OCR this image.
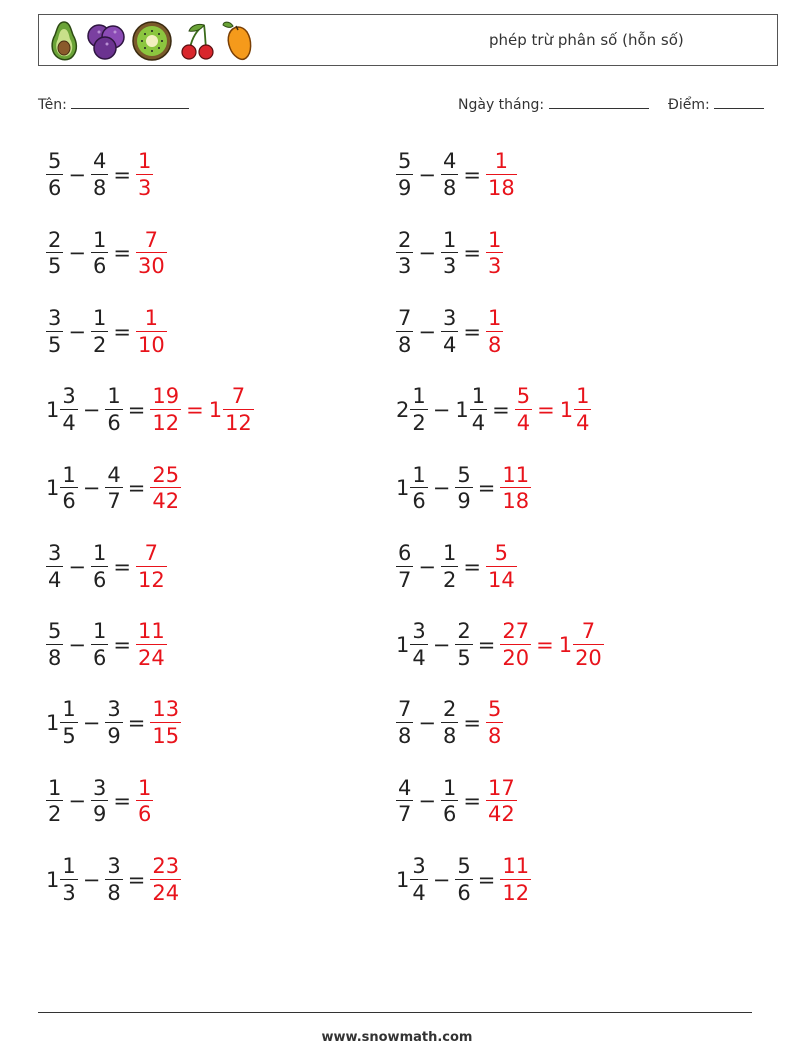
phép trừ phân số (hỗn số)
Tên:	Ngày tháng:	Điểm:
$\frac{5}{6} - \frac{4}{8} = \frac{1}{3}$	$\frac{5}{9} - \frac{4}{8} = \frac{1}{18}$
$\frac{2}{5} - \frac{1}{6} = \frac{7}{30}$	$\frac{2}{3} - \frac{1}{3} = \frac{1}{3}$
$\frac{3}{5} - \frac{1}{2} = \frac{1}{10}$	$\frac{7}{8} - \frac{3}{4} = \frac{1}{8}$
$1 \frac{3}{4} - \frac{1}{6} = \frac{19}{12} = 1 \frac{7}{12}$	$2 \frac{1}{2} - 1 \frac{1}{4} = \frac{5}{4} = 1 \frac{1}{4}$
$1 \frac{1}{6} - \frac{4}{7} = \frac{25}{42}$	$1 \frac{1}{6} - \frac{5}{9} = \frac{11}{18}$
$\frac{3}{4} - \frac{1}{6} = \frac{7}{12}$	$\frac{6}{7} - \frac{1}{2} = \frac{5}{14}$
$\frac{5}{8} - \frac{1}{6} = \frac{11}{24}$	$1 \frac{3}{4} - \frac{2}{5} = \frac{27}{20} = 1 \frac{7}{20}$
$1 \frac{1}{5} - \frac{3}{9} = \frac{13}{15}$	$\frac{7}{8} - \frac{2}{8} = \frac{5}{8}$
$\frac{1}{2} - \frac{3}{9} = \frac{1}{6}$	$\frac{4}{7} - \frac{1}{6} = \frac{17}{42}$
$1 \frac{1}{3} - \frac{3}{8} = \frac{23}{24}$	$1 \frac{3}{4} - \frac{5}{6} = \frac{11}{12}$
www.snowmath.com
